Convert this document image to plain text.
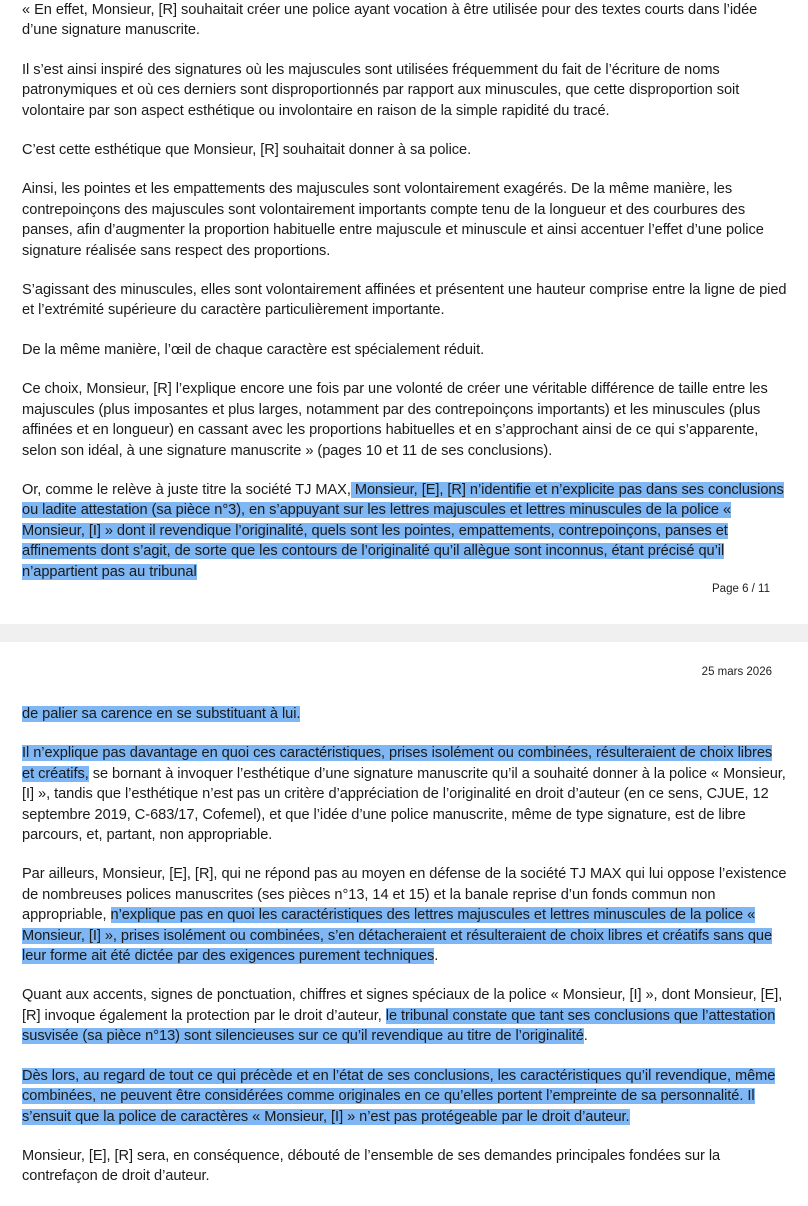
« En effet, Monsieur, [R] souhaitait créer une police ayant vocation à être utilisée pour des textes courts dans l’idée d’une signature manuscrite.

Il s’est ainsi inspiré des signatures où les majuscules sont utilisées fréquemment du fait de l’écriture de noms patronymiques et où ces derniers sont disproportionnés par rapport aux minuscules, que cette disproportion soit volontaire par son aspect esthétique ou involontaire en raison de la simple rapidité du tracé.

C’est cette esthétique que Monsieur, [R] souhaitait donner à sa police.

Ainsi, les pointes et les empattements des majuscules sont volontairement exagérés. De la même manière, les contrepoinçons des majuscules sont volontairement importants compte tenu de la longueur et des courbures des panses, afin d’augmenter la proportion habituelle entre majuscule et minuscule et ainsi accentuer l’effet d’une police signature réalisée sans respect des proportions.

S’agissant des minuscules, elles sont volontairement affinées et présentent une hauteur comprise entre la ligne de pied et l’extrémité supérieure du caractère particulièrement importante.

De la même manière, l’œil de chaque caractère est spécialement réduit.

Ce choix, Monsieur, [R] l’explique encore une fois par une volonté de créer une véritable différence de taille entre les majuscules (plus imposantes et plus larges, notamment par des contrepoinçons importants) et les minuscules (plus affinées et en longueur) en cassant avec les proportions habituelles et en s’approchant ainsi de ce qui s’apparente, selon son idéal, à une signature manuscrite » (pages 10 et 11 de ses conclusions).

Or, comme le relève à juste titre la société TJ MAX, Monsieur, [E], [R] n’identifie et n’explicite pas dans ses conclusions ou ladite attestation (sa pièce n°3), en s’appuyant sur les lettres majuscules et lettres minuscules de la police « Monsieur, [I] » dont il revendique l’originalité, quels sont les pointes, empattements, contrepoinçons, panses et affinements dont s’agit, de sorte que les contours de l’originalité qu’il allègue sont inconnus, étant précisé qu’il n’appartient pas au tribunal

Page 6 / 11
25 mars 2026

de palier sa carence en se substituant à lui.

Il n’explique pas davantage en quoi ces caractéristiques, prises isolément ou combinées, résulteraient de choix libres et créatifs, se bornant à invoquer l’esthétique d’une signature manuscrite qu’il a souhaité donner à la police « Monsieur, [I] », tandis que l’esthétique n’est pas un critère d’appréciation de l’originalité en droit d’auteur (en ce sens, CJUE, 12 septembre 2019, C-683/17, Cofemel), et que l’idée d’une police manuscrite, même de type signature, est de libre parcours, et, partant, non appropriable.

Par ailleurs, Monsieur, [E], [R], qui ne répond pas au moyen en défense de la société TJ MAX qui lui oppose l’existence de nombreuses polices manuscrites (ses pièces n°13, 14 et 15) et la banale reprise d’un fonds commun non appropriable, n’explique pas en quoi les caractéristiques des lettres majuscules et lettres minuscules de la police « Monsieur, [I] », prises isolément ou combinées, s’en détacheraient et résulteraient de choix libres et créatifs sans que leur forme ait été dictée par des exigences purement techniques.

Quant aux accents, signes de ponctuation, chiffres et signes spéciaux de la police « Monsieur, [I] », dont Monsieur, [E], [R] invoque également la protection par le droit d’auteur, le tribunal constate que tant ses conclusions que l’attestation susvisée (sa pièce n°13) sont silencieuses sur ce qu’il revendique au titre de l’originalité.

Dès lors, au regard de tout ce qui précède et en l’état de ses conclusions, les caractéristiques qu’il revendique, même combinées, ne peuvent être considérées comme originales en ce qu’elles portent l’empreinte de sa personnalité. Il s’ensuit que la police de caractères « Monsieur, [I] » n’est pas protégeable par le droit d’auteur.

Monsieur, [E], [R] sera, en conséquence, débouté de l’ensemble de ses demandes principales fondées sur la contrefaçon de droit d’auteur.
